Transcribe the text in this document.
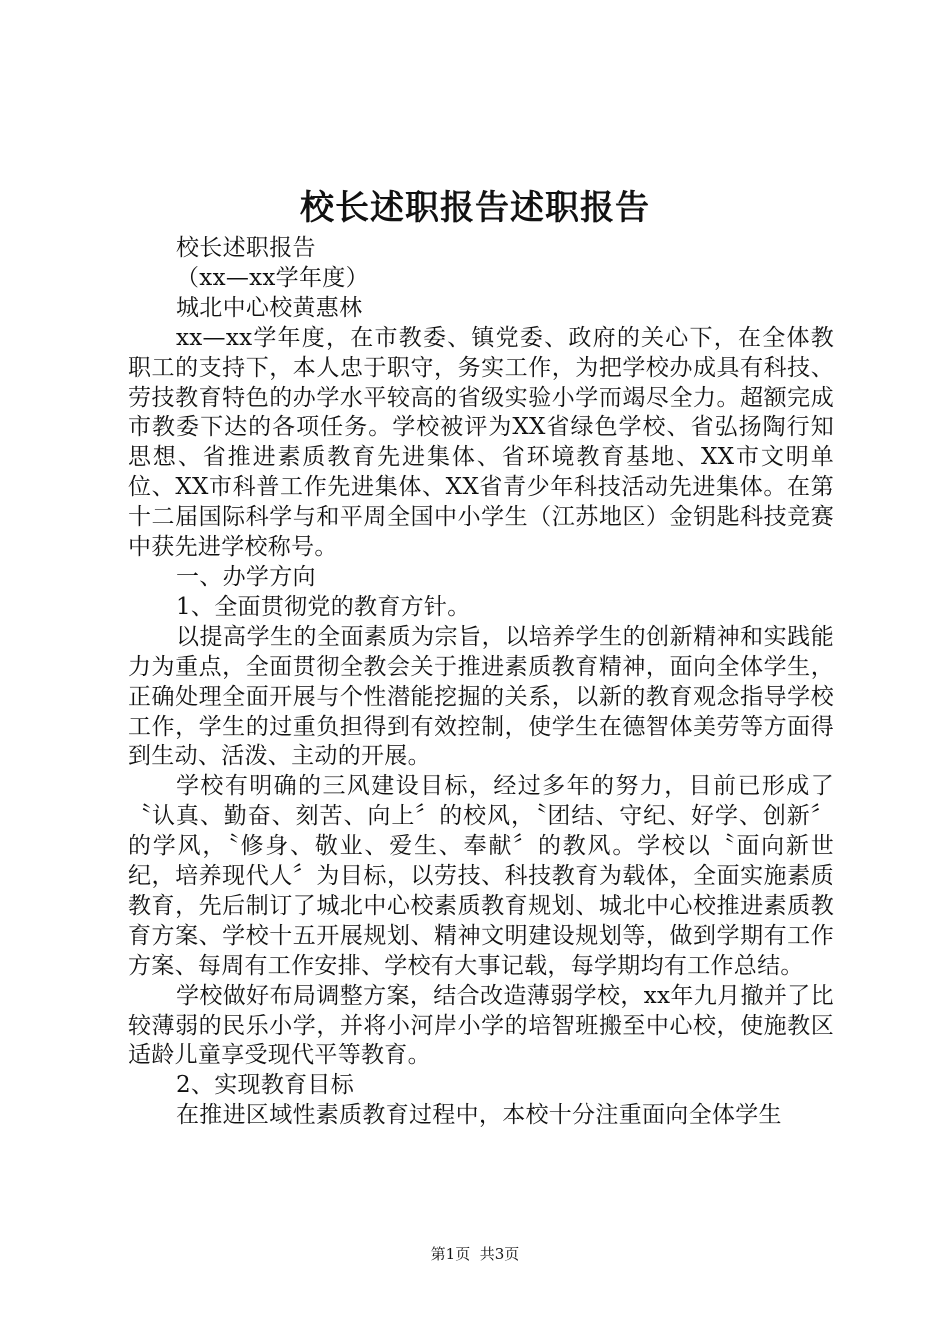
校长述职报告述职报告

校长述职报告

（xx—xx学年度）

城北中心校黄惠林

xx—xx学年度，在市教委、镇党委、政府的关心下，在全体教职工的支持下，本人忠于职守，务实工作，为把学校办成具有科技、劳技教育特色的办学水平较高的省级实验小学而竭尽全力。超额完成市教委下达的各项任务。学校被评为XX省绿色学校、省弘扬陶行知思想、省推进素质教育先进集体、省环境教育基地、XX市文明单位、XX市科普工作先进集体、XX省青少年科技活动先进集体。在第十二届国际科学与和平周全国中小学生（江苏地区）金钥匙科技竞赛中获先进学校称号。

一、办学方向

1、全面贯彻党的教育方针。

以提高学生的全面素质为宗旨，以培养学生的创新精神和实践能力为重点，全面贯彻全教会关于推进素质教育精神，面向全体学生，正确处理全面开展与个性潜能挖掘的关系，以新的教育观念指导学校工作，学生的过重负担得到有效控制，使学生在德智体美劳等方面得到生动、活泼、主动的开展。

学校有明确的三风建设目标，经过多年的努力，目前已形成了〝认真、勤奋、刻苦、向上〞的校风，〝团结、守纪、好学、创新〞的学风，〝修身、敬业、爱生、奉献〞的教风。学校以〝面向新世纪，培养现代人〞为目标，以劳技、科技教育为载体，全面实施素质教育，先后制订了城北中心校素质教育规划、城北中心校推进素质教育方案、学校十五开展规划、精神文明建设规划等，做到学期有工作方案、每周有工作安排、学校有大事记载，每学期均有工作总结。

学校做好布局调整方案，结合改造薄弱学校，xx年九月撤并了比较薄弱的民乐小学，并将小河岸小学的培智班搬至中心校，使施教区适龄儿童享受现代平等教育。

2、实现教育目标

在推进区域性素质教育过程中，本校十分注重面向全体学生

第1页 共3页
